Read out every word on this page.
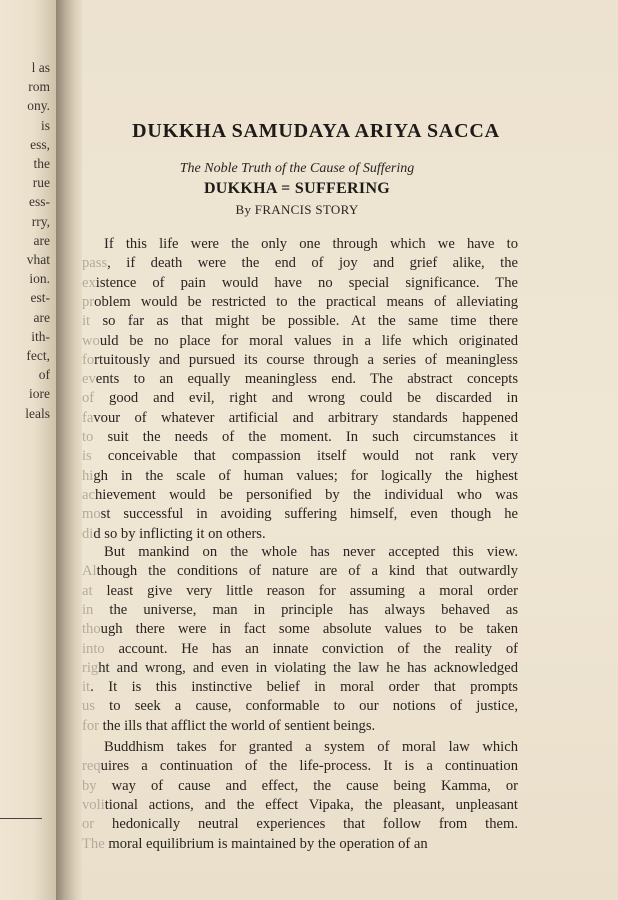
l as
rom
ony.
is
ess,
the
rue
ess-
rry,
are
vhat
ion.
est-
are
ith-
fect,
of
iore
leals
DUKKHA SAMUDAYA ARIYA SACCA
The Noble Truth of the Cause of Suffering
DUKKHA = SUFFERING
By FRANCIS STORY
If this life were the only one through which we have to
pass, if death were the end of joy and grief alike, the
existence of pain would have no special significance. The
problem would be restricted to the practical means of alleviating
it so far as that might be possible. At the same time there
would be no place for moral values in a life which originated
fortuitously and pursued its course through a series of meaningless
events to an equally meaningless end. The abstract concepts
of good and evil, right and wrong could be discarded in
favour of whatever artificial and arbitrary standards happened
to suit the needs of the moment. In such circumstances it
is conceivable that compassion itself would not rank very
high in the scale of human values; for logically the highest
achievement would be personified by the individual who was
most successful in avoiding suffering himself, even though he
did so by inflicting it on others.
But mankind on the whole has never accepted this view.
Although the conditions of nature are of a kind that outwardly
at least give very little reason for assuming a moral order
in the universe, man in principle has always behaved as
though there were in fact some absolute values to be taken
into account. He has an innate conviction of the reality of
right and wrong, and even in violating the law he has acknowledged
it. It is this instinctive belief in moral order that prompts
us to seek a cause, conformable to our notions of justice,
for the ills that afflict the world of sentient beings.
Buddhism takes for granted a system of moral law which
requires a continuation of the life-process. It is a continuation
by way of cause and effect, the cause being Kamma, or
volitional actions, and the effect Vipaka, the pleasant, unpleasant
or hedonically neutral experiences that follow from them.
The moral equilibrium is maintained by the operation of an
